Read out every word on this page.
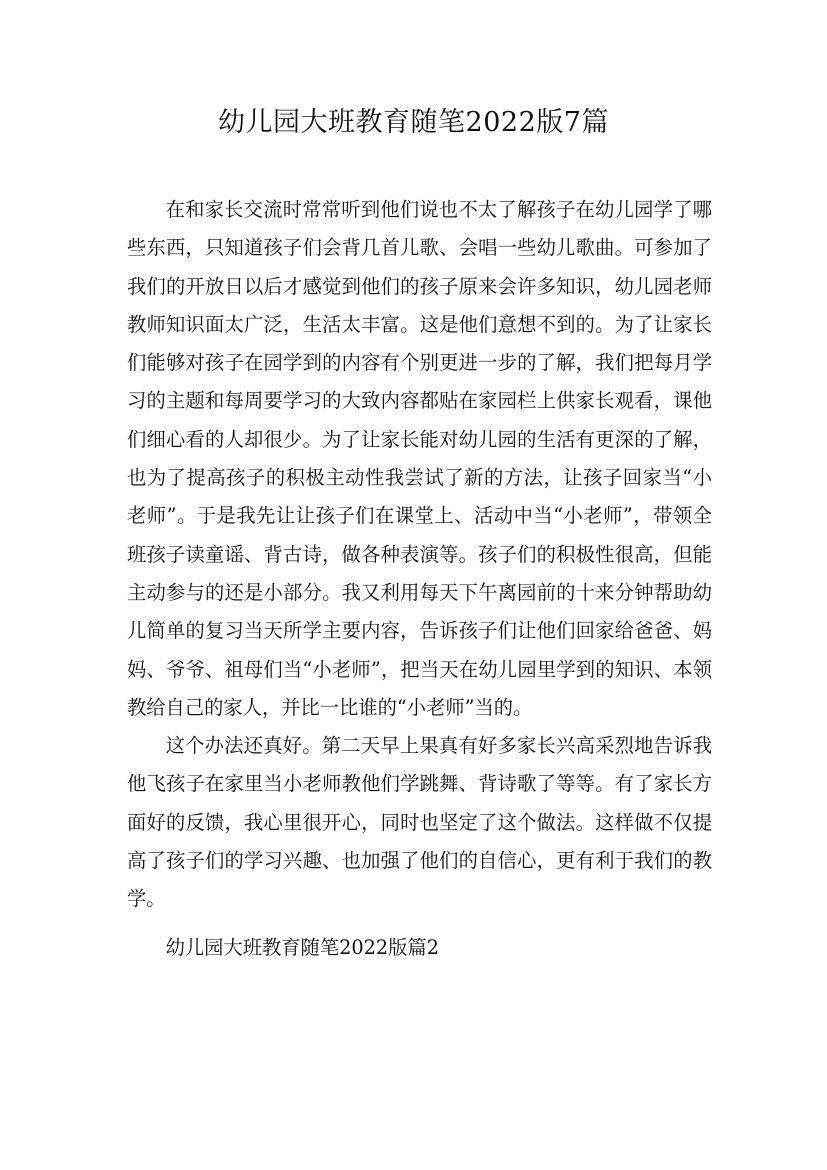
幼儿园大班教育随笔2022版7篇

在和家长交流时常常听到他们说也不太了解孩子在幼儿园学了哪些东西，只知道孩子们会背几首儿歌、会唱一些幼儿歌曲。可参加了我们的开放日以后才感觉到他们的孩子原来会许多知识，幼儿园老师教师知识面太广泛，生活太丰富。这是他们意想不到的。为了让家长们能够对孩子在园学到的内容有个别更进一步的了解，我们把每月学习的主题和每周要学习的大致内容都贴在家园栏上供家长观看，课他们细心看的人却很少。为了让家长能对幼儿园的生活有更深的了解，也为了提高孩子的积极主动性我尝试了新的方法，让孩子回家当“小老师”。于是我先让让孩子们在课堂上、活动中当“小老师”，带领全班孩子读童谣、背古诗，做各种表演等。孩子们的积极性很高，但能主动参与的还是小部分。我又利用每天下午离园前的十来分钟帮助幼儿简单的复习当天所学主要内容，告诉孩子们让他们回家给爸爸、妈妈、爷爷、祖母们当“小老师”，把当天在幼儿园里学到的知识、本领教给自己的家人，并比一比谁的“小老师”当的。

这个办法还真好。第二天早上果真有好多家长兴高采烈地告诉我他飞孩子在家里当小老师教他们学跳舞、背诗歌了等等。有了家长方面好的反馈，我心里很开心，同时也坚定了这个做法。这样做不仅提高了孩子们的学习兴趣、也加强了他们的自信心，更有利于我们的教学。

幼儿园大班教育随笔2022版篇2
